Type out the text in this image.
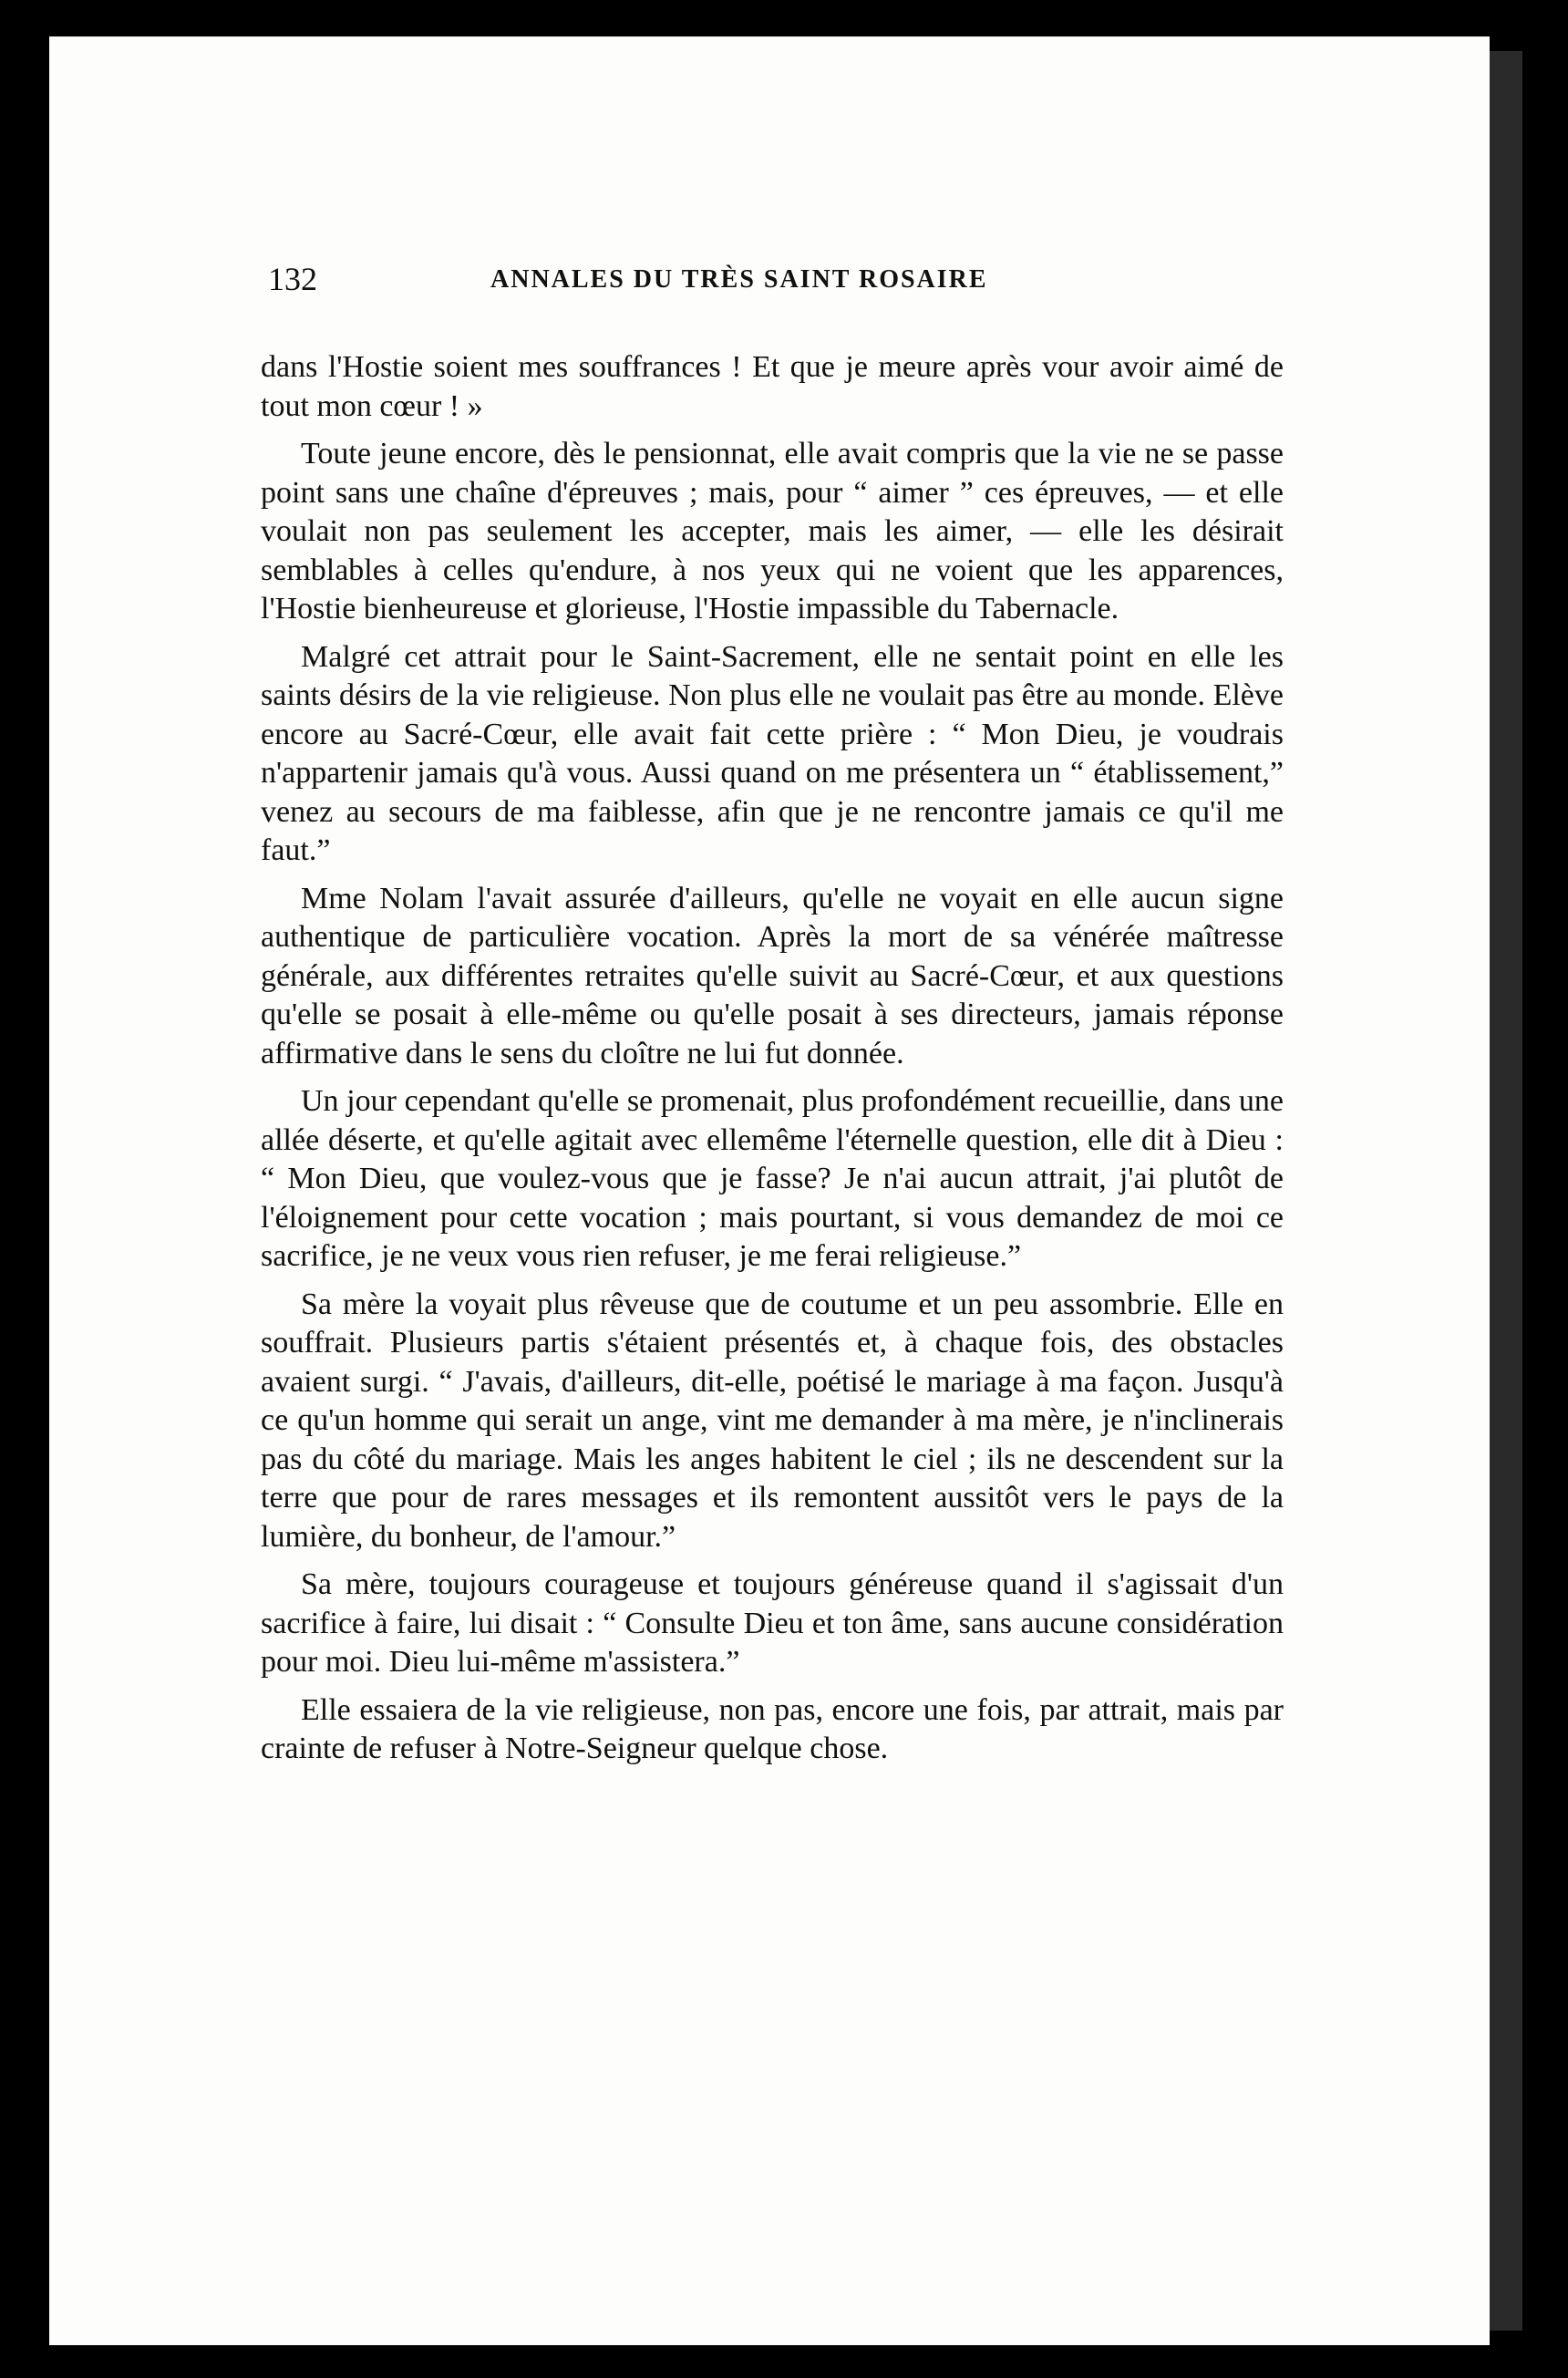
132	ANNALES DU TRÈS SAINT ROSAIRE

dans l'Hostie soient mes souffrances ! Et que je meure après vour avoir aimé de tout mon cœur ! »

Toute jeune encore, dès le pensionnat, elle avait compris que la vie ne se passe point sans une chaîne d'épreuves ; mais, pour “ aimer ” ces épreuves, — et elle voulait non pas seulement les accepter, mais les aimer, — elle les désirait semblables à celles qu'endure, à nos yeux qui ne voient que les apparences, l'Hostie bienheureuse et glorieuse, l'Hostie impassible du Tabernacle.

Malgré cet attrait pour le Saint-Sacrement, elle ne sentait point en elle les saints désirs de la vie religieuse. Non plus elle ne voulait pas être au monde. Elève encore au Sacré-Cœur, elle avait fait cette prière : “ Mon Dieu, je voudrais n'appartenir jamais qu'à vous. Aussi quand on me présentera un “ établissement,” venez au secours de ma faiblesse, afin que je ne rencontre jamais ce qu'il me faut.”

Mme Nolam l'avait assurée d'ailleurs, qu'elle ne voyait en elle aucun signe authentique de particulière vocation. Après la mort de sa vénérée maîtresse générale, aux différentes retraites qu'elle suivit au Sacré-Cœur, et aux questions qu'elle se posait à elle-même ou qu'elle posait à ses directeurs, jamais réponse affirmative dans le sens du cloître ne lui fut donnée.

Un jour cependant qu'elle se promenait, plus profondément recueillie, dans une allée déserte, et qu'elle agitait avec ellemême l'éternelle question, elle dit à Dieu : “ Mon Dieu, que voulez-vous que je fasse? Je n'ai aucun attrait, j'ai plutôt de l'éloignement pour cette vocation ; mais pourtant, si vous demandez de moi ce sacrifice, je ne veux vous rien refuser, je me ferai religieuse.”

Sa mère la voyait plus rêveuse que de coutume et un peu assombrie. Elle en souffrait. Plusieurs partis s'étaient présentés et, à chaque fois, des obstacles avaient surgi. “ J'avais, d'ailleurs, dit-elle, poétisé le mariage à ma façon. Jusqu'à ce qu'un homme qui serait un ange, vint me demander à ma mère, je n'inclinerais pas du côté du mariage. Mais les anges habitent le ciel ; ils ne descendent sur la terre que pour de rares messages et ils remontent aussitôt vers le pays de la lumière, du bonheur, de l'amour.”

Sa mère, toujours courageuse et toujours généreuse quand il s'agissait d'un sacrifice à faire, lui disait : “ Consulte Dieu et ton âme, sans aucune considération pour moi. Dieu lui-même m'assistera.”

Elle essaiera de la vie religieuse, non pas, encore une fois, par attrait, mais par crainte de refuser à Notre-Seigneur quelque chose.
